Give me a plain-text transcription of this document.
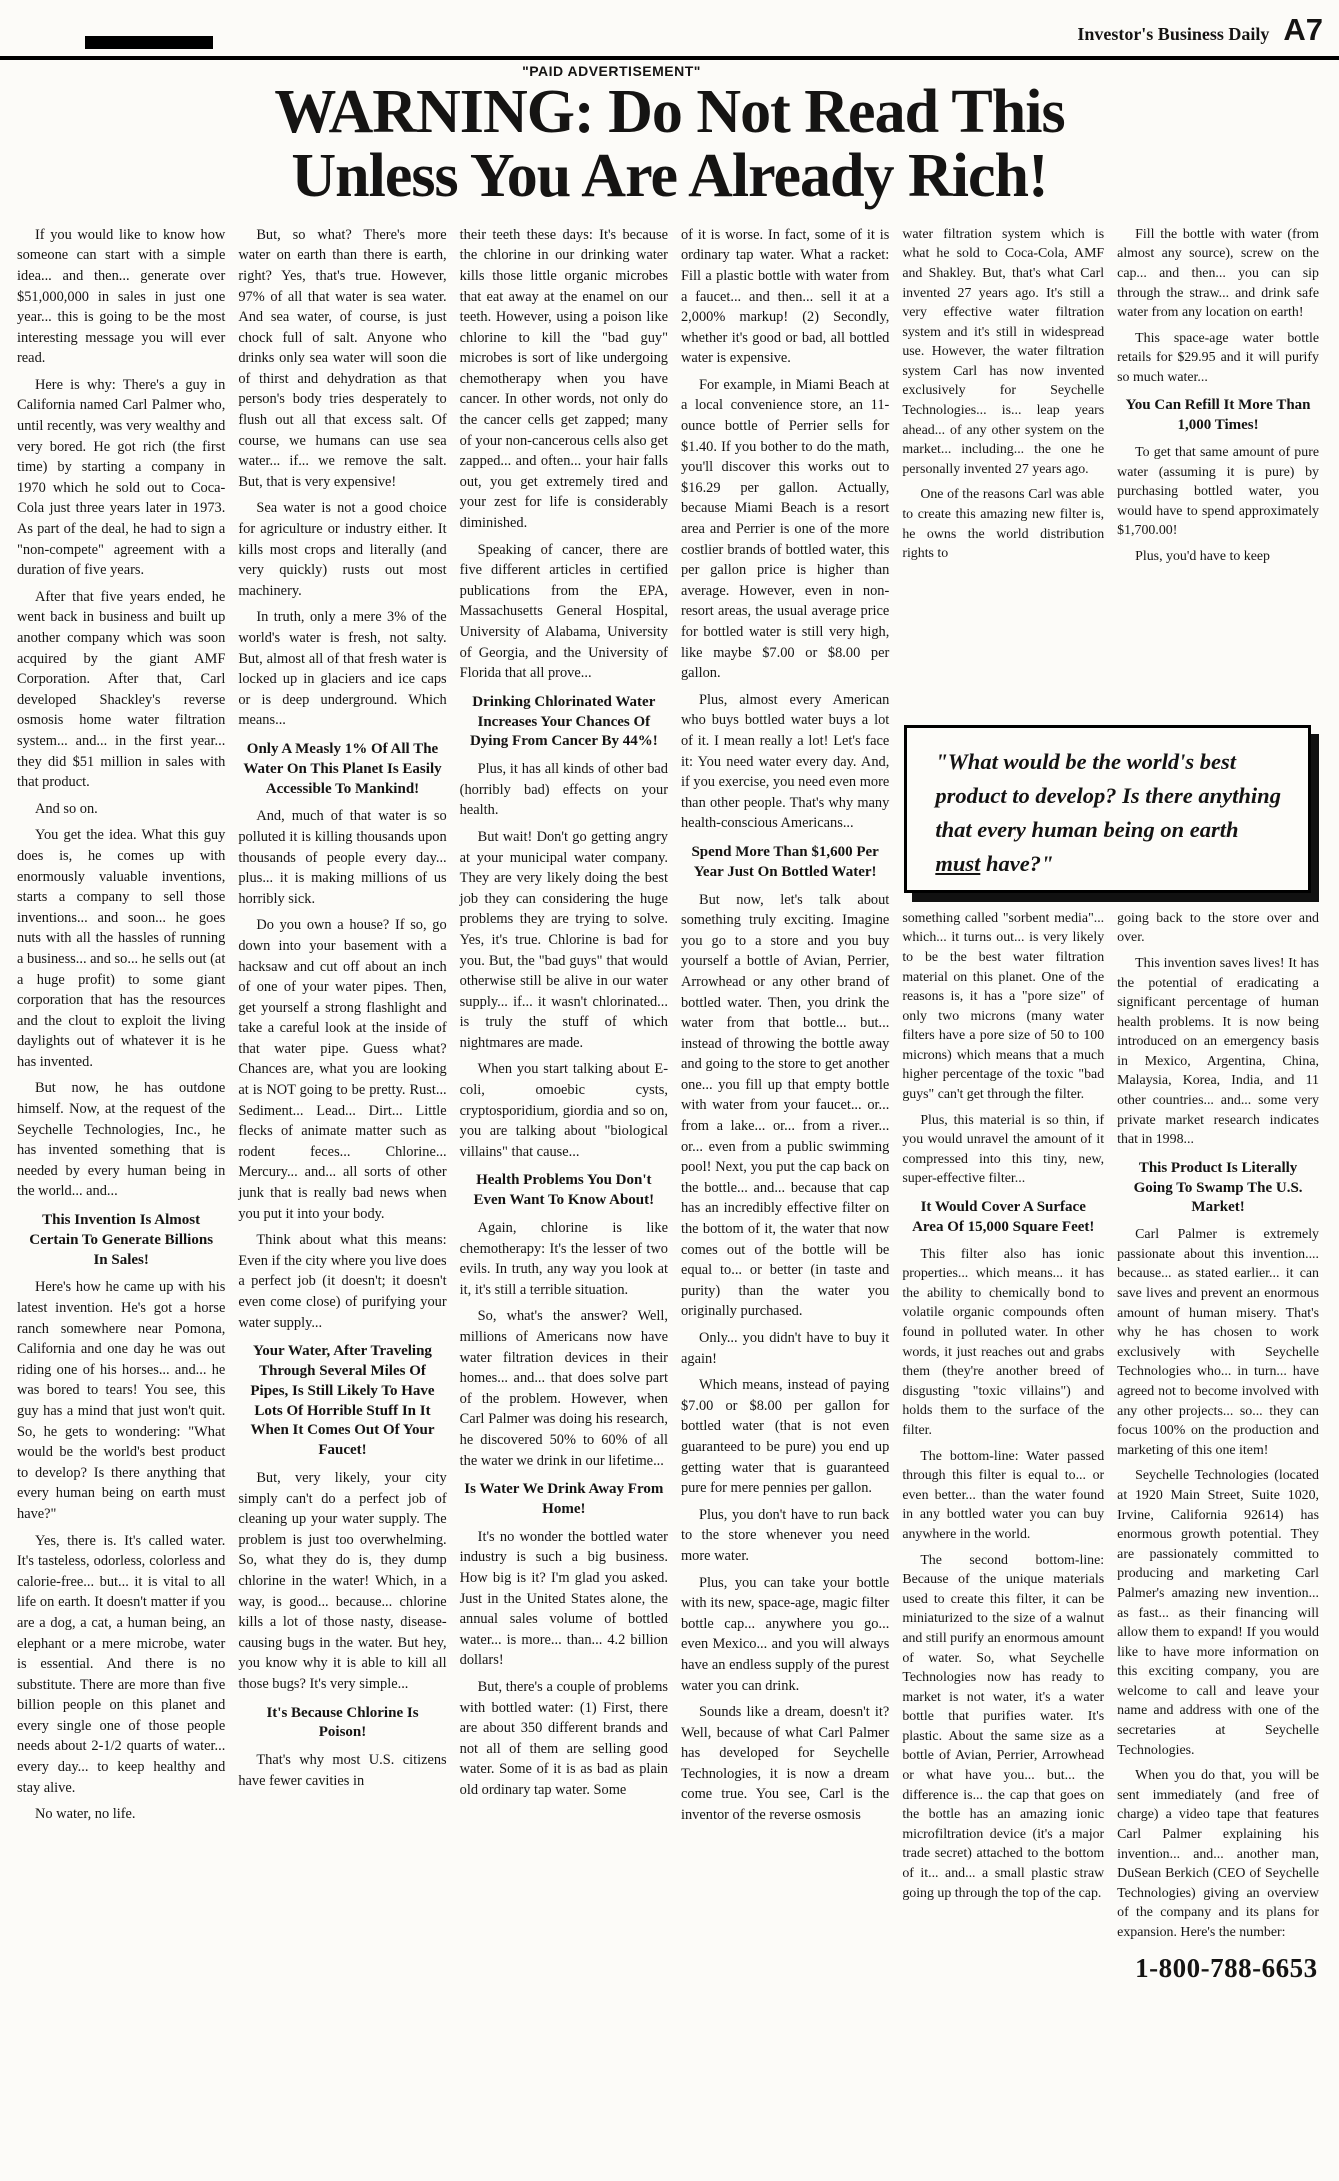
Investor's Business Daily A7
"PAID ADVERTISEMENT"
WARNING: Do Not Read This
Unless You Are Already Rich!

If you would like to know how someone can start with a simple idea... and then... generate over $51,000,000 in sales in just one year... this is going to be the most interesting message you will ever read.

Here is why: There's a guy in California named Carl Palmer who, until recently, was very wealthy and very bored. He got rich (the first time) by starting a company in 1970 which he sold out to Coca-Cola just three years later in 1973. As part of the deal, he had to sign a "non-compete" agreement with a duration of five years.

After that five years ended, he went back in business and built up another company which was soon acquired by the giant AMF Corporation. After that, Carl developed Shackley's reverse osmosis home water filtration system... and... in the first year... they did $51 million in sales with that product.

And so on.

You get the idea. What this guy does is, he comes up with enormously valuable inventions, starts a company to sell those inventions... and soon... he goes nuts with all the hassles of running a business... and so... he sells out (at a huge profit) to some giant corporation that has the resources and the clout to exploit the living daylights out of whatever it is he has invented.

But now, he has outdone himself. Now, at the request of the Seychelle Technologies, Inc., he has invented something that is needed by every human being in the world... and...

This Invention Is Almost Certain To Generate Billions In Sales!

Here's how he came up with his latest invention. He's got a horse ranch somewhere near Pomona, California and one day he was out riding one of his horses... and... he was bored to tears! You see, this guy has a mind that just won't quit. So, he gets to wondering: "What would be the world's best product to develop? Is there anything that every human being on earth must have?"

Yes, there is. It's called water. It's tasteless, odorless, colorless and calorie-free... but... it is vital to all life on earth. It doesn't matter if you are a dog, a cat, a human being, an elephant or a mere microbe, water is essential. And there is no substitute. There are more than five billion people on this planet and every single one of those people needs about 2-1/2 quarts of water... every day... to keep healthy and stay alive.

No water, no life.

But, so what? There's more water on earth than there is earth, right? Yes, that's true. However, 97% of all that water is sea water. And sea water, of course, is just chock full of salt. Anyone who drinks only sea water will soon die of thirst and dehydration as that person's body tries desperately to flush out all that excess salt. Of course, we humans can use sea water... if... we remove the salt. But, that is very expensive!

Sea water is not a good choice for agriculture or industry either. It kills most crops and literally (and very quickly) rusts out most machinery.

In truth, only a mere 3% of the world's water is fresh, not salty. But, almost all of that fresh water is locked up in glaciers and ice caps or is deep underground. Which means...

Only A Measly 1% Of All The Water On This Planet Is Easily Accessible To Mankind!

And, much of that water is so polluted it is killing thousands upon thousands of people every day... plus... it is making millions of us horribly sick.

Do you own a house? If so, go down into your basement with a hacksaw and cut off about an inch of one of your water pipes. Then, get yourself a strong flashlight and take a careful look at the inside of that water pipe. Guess what? Chances are, what you are looking at is NOT going to be pretty. Rust... Sediment... Lead... Dirt... Little flecks of animate matter such as rodent feces... Chlorine... Mercury... and... all sorts of other junk that is really bad news when you put it into your body.

Think about what this means: Even if the city where you live does a perfect job (it doesn't; it doesn't even come close) of purifying your water supply...

Your Water, After Traveling Through Several Miles Of Pipes, Is Still Likely To Have Lots Of Horrible Stuff In It When It Comes Out Of Your Faucet!

But, very likely, your city simply can't do a perfect job of cleaning up your water supply. The problem is just too overwhelming. So, what they do is, they dump chlorine in the water! Which, in a way, is good... because... chlorine kills a lot of those nasty, disease-causing bugs in the water. But hey, you know why it is able to kill all those bugs? It's very simple...

It's Because Chlorine Is Poison!

That's why most U.S. citizens have fewer cavities in

their teeth these days: It's because the chlorine in our drinking water kills those little organic microbes that eat away at the enamel on our teeth. However, using a poison like chlorine to kill the "bad guy" microbes is sort of like undergoing chemotherapy when you have cancer. In other words, not only do the cancer cells get zapped; many of your non-cancerous cells also get zapped... and often... your hair falls out, you get extremely tired and your zest for life is considerably diminished.

Speaking of cancer, there are five different articles in certified publications from the EPA, Massachusetts General Hospital, University of Alabama, University of Georgia, and the University of Florida that all prove...

Drinking Chlorinated Water Increases Your Chances Of Dying From Cancer By 44%!

Plus, it has all kinds of other bad (horribly bad) effects on your health.

But wait! Don't go getting angry at your municipal water company. They are very likely doing the best job they can considering the huge problems they are trying to solve. Yes, it's true. Chlorine is bad for you. But, the "bad guys" that would otherwise still be alive in our water supply... if... it wasn't chlorinated... is truly the stuff of which nightmares are made.

When you start talking about E-coli, omoebic cysts, cryptosporidium, giordia and so on, you are talking about "biological villains" that cause...

Health Problems You Don't Even Want To Know About!

Again, chlorine is like chemotherapy: It's the lesser of two evils. In truth, any way you look at it, it's still a terrible situation.

So, what's the answer? Well, millions of Americans now have water filtration devices in their homes... and... that does solve part of the problem. However, when Carl Palmer was doing his research, he discovered 50% to 60% of all the water we drink in our lifetime...

Is Water We Drink Away From Home!

It's no wonder the bottled water industry is such a big business. How big is it? I'm glad you asked. Just in the United States alone, the annual sales volume of bottled water... is more... than... 4.2 billion dollars!

But, there's a couple of problems with bottled water: (1) First, there are about 350 different brands and not all of them are selling good water. Some of it is as bad as plain old ordinary tap water. Some

of it is worse. In fact, some of it is ordinary tap water. What a racket: Fill a plastic bottle with water from a faucet... and then... sell it at a 2,000% markup! (2) Secondly, whether it's good or bad, all bottled water is expensive.

For example, in Miami Beach at a local convenience store, an 11-ounce bottle of Perrier sells for $1.40. If you bother to do the math, you'll discover this works out to $16.29 per gallon. Actually, because Miami Beach is a resort area and Perrier is one of the more costlier brands of bottled water, this per gallon price is higher than average. However, even in non-resort areas, the usual average price for bottled water is still very high, like maybe $7.00 or $8.00 per gallon.

Plus, almost every American who buys bottled water buys a lot of it. I mean really a lot! Let's face it: You need water every day. And, if you exercise, you need even more than other people. That's why many health-conscious Americans...

Spend More Than $1,600 Per Year Just On Bottled Water!

But now, let's talk about something truly exciting. Imagine you go to a store and you buy yourself a bottle of Avian, Perrier, Arrowhead or any other brand of bottled water. Then, you drink the water from that bottle... but... instead of throwing the bottle away and going to the store to get another one... you fill up that empty bottle with water from your faucet... or... from a lake... or... from a river... or... even from a public swimming pool! Next, you put the cap back on the bottle... and... because that cap has an incredibly effective filter on the bottom of it, the water that now comes out of the bottle will be equal to... or better (in taste and purity) than the water you originally purchased.

Only... you didn't have to buy it again!

Which means, instead of paying $7.00 or $8.00 per gallon for bottled water (that is not even guaranteed to be pure) you end up getting water that is guaranteed pure for mere pennies per gallon.

Plus, you don't have to run back to the store whenever you need more water.

Plus, you can take your bottle with its new, space-age, magic filter bottle cap... anywhere you go... even Mexico... and you will always have an endless supply of the purest water you can drink.

Sounds like a dream, doesn't it? Well, because of what Carl Palmer has developed for Seychelle Technologies, it is now a dream come true. You see, Carl is the inventor of the reverse osmosis

water filtration system which is what he sold to Coca-Cola, AMF and Shakley. But, that's what Carl invented 27 years ago. It's still a very effective water filtration system and it's still in widespread use. However, the water filtration system Carl has now invented exclusively for Seychelle Technologies... is... leap years ahead... of any other system on the market... including... the one he personally invented 27 years ago.

One of the reasons Carl was able to create this amazing new filter is, he owns the world distribution rights to

something called "sorbent media"... which... it turns out... is very likely to be the best water filtration material on this planet. One of the reasons is, it has a "pore size" of only two microns (many water filters have a pore size of 50 to 100 microns) which means that a much higher percentage of the toxic "bad guys" can't get through the filter.

Plus, this material is so thin, if you would unravel the amount of it compressed into this tiny, new, super-effective filter...

It Would Cover A Surface Area Of 15,000 Square Feet!

This filter also has ionic properties... which means... it has the ability to chemically bond to volatile organic compounds often found in polluted water. In other words, it just reaches out and grabs them (they're another breed of disgusting "toxic villains") and holds them to the surface of the filter.

The bottom-line: Water passed through this filter is equal to... or even better... than the water found in any bottled water you can buy anywhere in the world.

The second bottom-line: Because of the unique materials used to create this filter, it can be miniaturized to the size of a walnut and still purify an enormous amount of water. So, what Seychelle Technologies now has ready to market is not water, it's a water bottle that purifies water. It's plastic. About the same size as a bottle of Avian, Perrier, Arrowhead or what have you... but... the difference is... the cap that goes on the bottle has an amazing ionic microfiltration device (it's a major trade secret) attached to the bottom of it... and... a small plastic straw going up through the top of the cap.

Fill the bottle with water (from almost any source), screw on the cap... and then... you can sip through the straw... and drink safe water from any location on earth!

This space-age water bottle retails for $29.95 and it will purify so much water...

You Can Refill It More Than 1,000 Times!

To get that same amount of pure water (assuming it is pure) by purchasing bottled water, you would have to spend approximately $1,700.00!

Plus, you'd have to keep

going back to the store over and over.

This invention saves lives! It has the potential of eradicating a significant percentage of human health problems. It is now being introduced on an emergency basis in Mexico, Argentina, China, Malaysia, Korea, India, and 11 other countries... and... some very private market research indicates that in 1998...

This Product Is Literally Going To Swamp The U.S. Market!

Carl Palmer is extremely passionate about this invention.... because... as stated earlier... it can save lives and prevent an enormous amount of human misery. That's why he has chosen to work exclusively with Seychelle Technologies who... in turn... have agreed not to become involved with any other projects... so... they can focus 100% on the production and marketing of this one item!

Seychelle Technologies (located at 1920 Main Street, Suite 1020, Irvine, California 92614) has enormous growth potential. They are passionately committed to producing and marketing Carl Palmer's amazing new invention... as fast... as their financing will allow them to expand! If you would like to have more information on this exciting company, you are welcome to call and leave your name and address with one of the secretaries at Seychelle Technologies.

When you do that, you will be sent immediately (and free of charge) a video tape that features Carl Palmer explaining his invention... and... another man, DuSean Berkich (CEO of Seychelle Technologies) giving an overview of the company and its plans for expansion. Here's the number:

1-800-788-6653

"What would be the world's best product to develop? Is there anything that every human being on earth must have?"
